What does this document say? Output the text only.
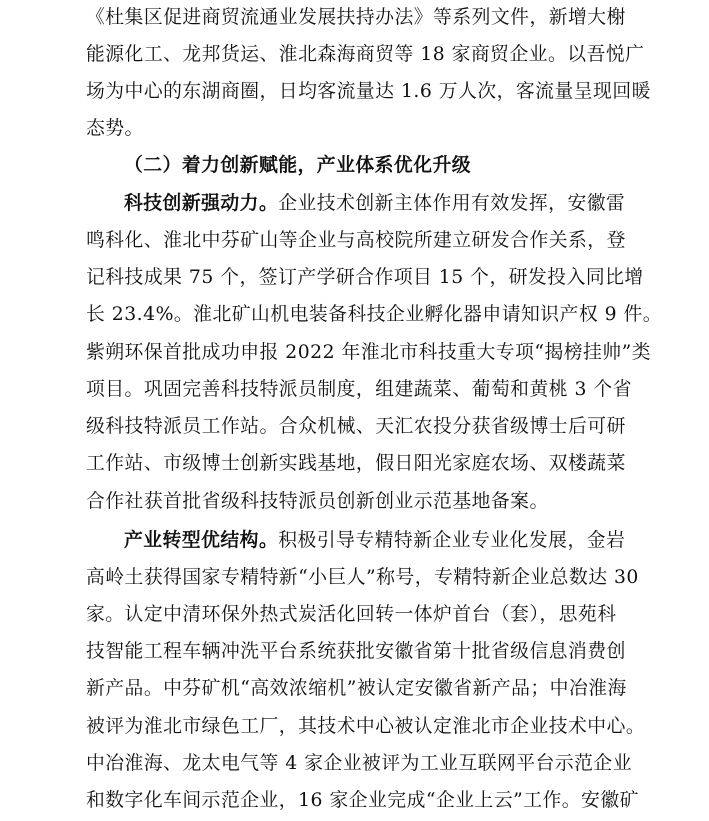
《杜集区促进商贸流通业发展扶持办法》等系列文件，新增大榭
能源化工、龙邦货运、淮北森海商贸等 18 家商贸企业。以吾悦广
场为中心的东湖商圈，日均客流量达 1.6 万人次，客流量呈现回暖
态势。
（二）着力创新赋能，产业体系优化升级
科技创新强动力。企业技术创新主体作用有效发挥，安徽雷
鸣科化、淮北中芬矿山等企业与高校院所建立研发合作关系，登
记科技成果 75 个，签订产学研合作项目 15 个，研发投入同比增
长 23.4%。淮北矿山机电装备科技企业孵化器申请知识产权 9 件。
紫朔环保首批成功申报 2022 年淮北市科技重大专项“揭榜挂帅”类
项目。巩固完善科技特派员制度，组建蔬菜、葡萄和黄桃 3 个省
级科技特派员工作站。合众机械、天汇农投分获省级博士后可研
工作站、市级博士创新实践基地，假日阳光家庭农场、双楼蔬菜
合作社获首批省级科技特派员创新创业示范基地备案。
产业转型优结构。积极引导专精特新企业专业化发展，金岩
高岭土获得国家专精特新“小巨人”称号，专精特新企业总数达 30
家。认定中清环保外热式炭活化回转一体炉首台（套），思苑科
技智能工程车辆冲洗平台系统获批安徽省第十批省级信息消费创
新产品。中芬矿机“高效浓缩机”被认定安徽省新产品；中冶淮海
被评为淮北市绿色工厂，其技术中心被认定淮北市企业技术中心。
中冶淮海、龙太电气等 4 家企业被评为工业互联网平台示范企业
和数字化车间示范企业，16 家企业完成“企业上云”工作。安徽矿
